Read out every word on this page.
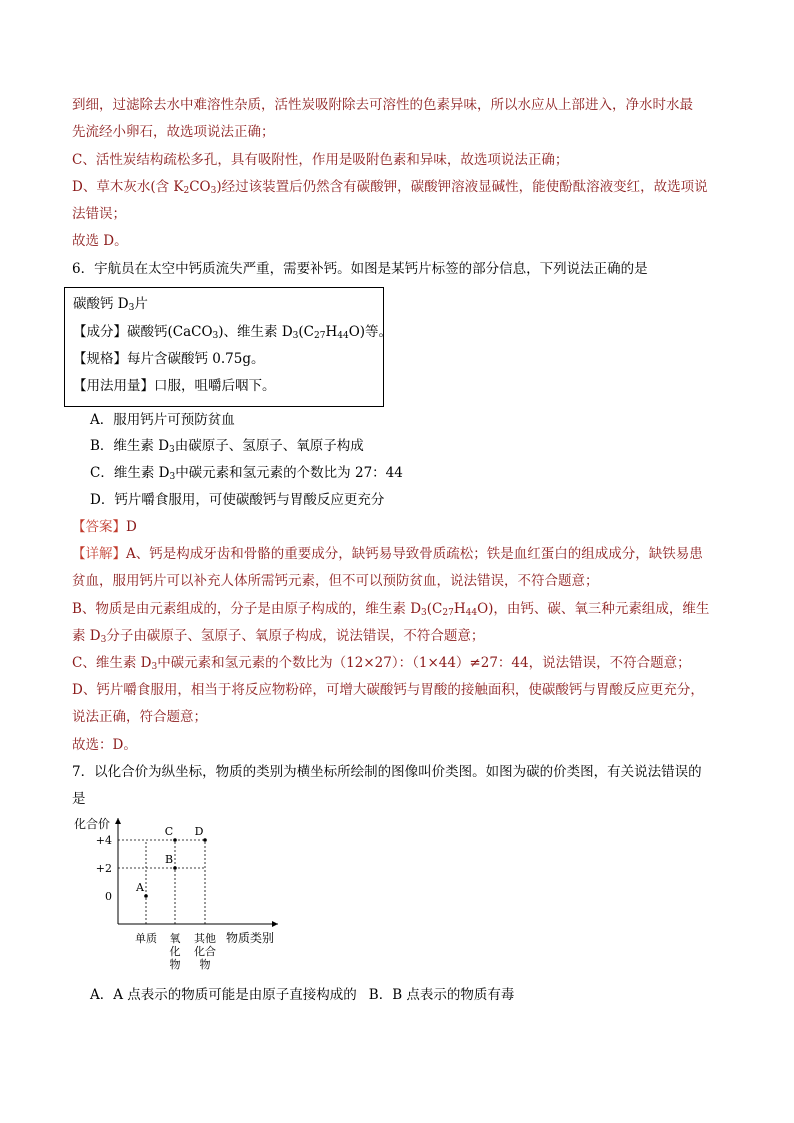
到细，过滤除去水中难溶性杂质，活性炭吸附除去可溶性的色素异味，所以水应从上部进入，净水时水最
先流经小卵石，故选项说法正确；
C、活性炭结构疏松多孔，具有吸附性，作用是吸附色素和异味，故选项说法正确；
D、草木灰水(含 $K_2CO_3$)经过该装置后仍然含有碳酸钾，碳酸钾溶液显碱性，能使酚酞溶液变红，故选项说
法错误；
故选 D。
6．宇航员在太空中钙质流失严重，需要补钙。如图是某钙片标签的部分信息，下列说法正确的是
碳酸钙 $D_3$片
【成分】碳酸钙(CaCO$_3$)、维生素 $D_3(C_{27}H_{44}O)$等。
【规格】每片含碳酸钙 0.75g。
【用法用量】口服，咀嚼后咽下。
A．服用钙片可预防贫血
B．维生素 $D_3$由碳原子、氢原子、氧原子构成
C．维生素 $D_3$中碳元素和氢元素的个数比为 27：44
D．钙片嚼食服用，可使碳酸钙与胃酸反应更充分
【答案】D
【详解】A、钙是构成牙齿和骨骼的重要成分，缺钙易导致骨质疏松；铁是血红蛋白的组成成分，缺铁易患
贫血，服用钙片可以补充人体所需钙元素，但不可以预防贫血，说法错误，不符合题意；
B、物质是由元素组成的，分子是由原子构成的，维生素 $D_3(C_{27}H_{44}O)$，由钙、碳、氧三种元素组成，维生
素 $D_3$分子由碳原子、氢原子、氧原子构成，说法错误，不符合题意；
C、维生素 $D_3$中碳元素和氢元素的个数比为（12×27）：（1×44）≠27：44，说法错误，不符合题意；
D、钙片嚼食服用，相当于将反应物粉碎，可增大碳酸钙与胃酸的接触面积，使碳酸钙与胃酸反应更充分，
说法正确，符合题意；
故选：D。
7．以化合价为纵坐标，物质的类别为横坐标所绘制的图像叫价类图。如图为碳的价类图，有关说法错误的
是
化合价
物质类别
+4
+2
0
单质 氧
化
物
其他
化合
物
A
B
C D
A．A 点表示的物质可能是由原子直接构成的 B．B 点表示的物质有毒
